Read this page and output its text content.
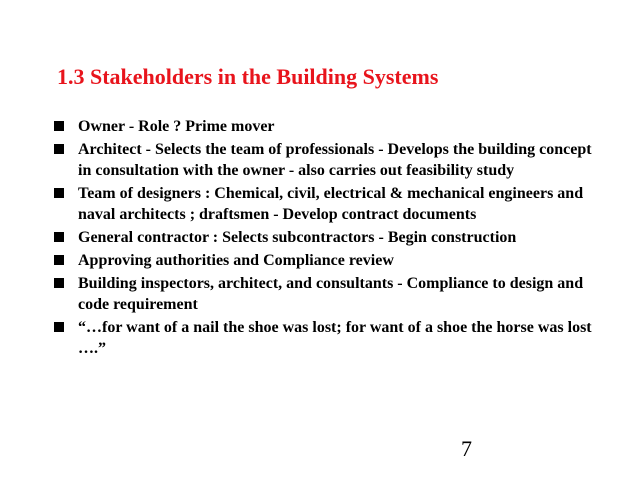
1.3 Stakeholders in the Building Systems
Owner - Role ? Prime mover
Architect - Selects the team of professionals - Develops the building concept in consultation with the owner - also carries out feasibility study
Team of designers : Chemical, civil, electrical & mechanical engineers and naval architects ; draftsmen - Develop contract documents
General contractor : Selects subcontractors - Begin construction
Approving authorities and Compliance review
Building inspectors, architect, and consultants - Compliance to design and code requirement
“…for want of a nail the shoe was lost; for want of a shoe the horse was lost ….”
7
